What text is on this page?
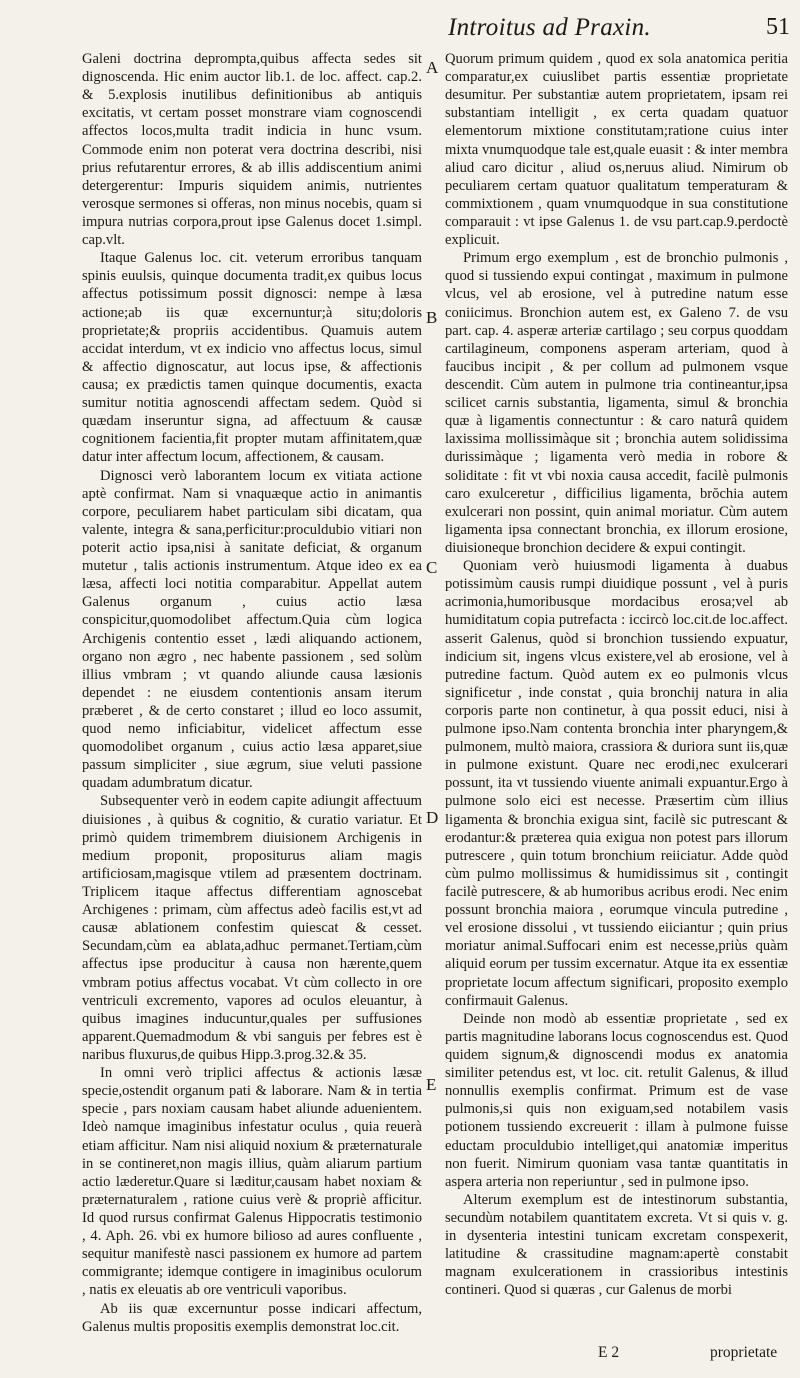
Introitus ad Praxin.	51

Galeni doctrina deprompta,quibus affecta sedes sit dignoscenda. Hic enim auctor lib.1. de loc. affect. cap.2. & 5.explosis inutilibus definitionibus ab antiquis excitatis, vt certam posset monstrare viam cognoscendi affectos locos,multa tradit indicia in hunc vsum. Commode enim non poterat vera doctrina describi, nisi prius refutarentur errores, & ab illis addiscentium animi detergerentur: Impuris siquidem animis, nutrientes verosque sermones si offeras, non minus nocebis, quam si impura nutrias corpora,prout ipse Galenus docet 1.simpl. cap.vlt.

Itaque Galenus loc. cit. veterum erroribus tanquam spinis euulsis, quinque documenta tradit,ex quibus locus affectus potissimum possit dignosci: nempe à læsa actione;ab iis quæ excernuntur;à situ;doloris proprietate;& propriis accidentibus. Quamuis autem accidat interdum, vt ex indicio vno affectus locus, simul & affectio dignoscatur, aut locus ipse, & affectionis causa; ex prædictis tamen quinque documentis, exacta sumitur notitia agnoscendi affectam sedem. Quòd si quædam inseruntur signa, ad affectuum & causæ cognitionem facientia,fit propter mutam affinitatem,quæ datur inter affectum locum, affectionem, & causam.

Dignosci verò laborantem locum ex vitiata actione aptè confirmat. Nam si vnaquæque actio in animantis corpore, peculiarem habet particulam sibi dicatam, qua valente, integra & sana,perficitur:proculdubio vitiari non poterit actio ipsa,nisi à sanitate deficiat, & organum mutetur , talis actionis instrumentum. Atque ideo ex ea læsa, affecti loci notitia comparabitur. Appellat autem Galenus organum , cuius actio læsa conspicitur,quomodolibet affectum.Quia cùm logica Archigenis contentio esset , lædi aliquando actionem, organo non ægro , nec habente passionem , sed solùm illius vmbram ; vt quando aliunde causa læsionis dependet : ne eiusdem contentionis ansam iterum præberet , & de certo constaret ; illud eo loco assumit, quod nemo inficiabitur, videlicet affectum esse quomodolibet organum , cuius actio læsa apparet,siue passum simpliciter , siue ægrum, siue veluti passione quadam adumbratum dicatur.

Subsequenter verò in eodem capite adiungit affectuum diuisiones , à quibus & cognitio, & curatio variatur. Et primò quidem trimembrem diuisionem Archigenis in medium proponit, propositurus aliam magis artificiosam,magisque vtilem ad præsentem doctrinam. Triplicem itaque affectus differentiam agnoscebat Archigenes : primam, cùm affectus adeò facilis est,vt ad causæ ablationem confestim quiescat & cesset. Secundam,cùm ea ablata,adhuc permanet.Tertiam,cùm affectus ipse producitur à causa non hærente,quem vmbram potius affectus vocabat. Vt cùm collecto in ore ventriculi excremento, vapores ad oculos eleuantur, à quibus imagines inducuntur,quales per suffusiones apparent.Quemadmodum & vbi sanguis per febres est è naribus fluxurus,de quibus Hipp.3.prog.32.& 35.

In omni verò triplici affectus & actionis læsæ specie,ostendit organum pati & laborare. Nam & in tertia specie , pars noxiam causam habet aliunde aduenientem. Ideò namque imaginibus infestatur oculus , quia reuerà etiam afficitur. Nam nisi aliquid noxium & præternaturale in se contineret,non magis illius, quàm aliarum partium actio læderetur.Quare si læditur,causam habet noxiam & præternaturalem , ratione cuius verè & propriè afficitur. Id quod rursus confirmat Galenus Hippocratis testimonio , 4. Aph. 26. vbi ex humore bilioso ad aures confluente , sequitur manifestè nasci passionem ex humore ad partem commigrante; idemque contigere in imaginibus oculorum , natis ex eleuatis ab ore ventriculi vaporibus.

Ab iis quæ excernuntur posse indicari affectum, Galenus multis propositis exemplis demonstrat loc.cit.

A
B
C
D
E

Quorum primum quidem , quod ex sola anatomica peritia comparatur,ex cuiuslibet partis essentiæ proprietate desumitur. Per substantiæ autem proprietatem, ipsam rei substantiam intelligit , ex certa quadam quatuor elementorum mixtione constitutam;ratione cuius inter mixta vnumquodque tale est,quale euasit : & inter membra aliud caro dicitur , aliud os,neruus aliud. Nimirum ob peculiarem certam quatuor qualitatum temperaturam & commixtionem , quam vnumquodque in sua constitutione comparauit : vt ipse Galenus 1. de vsu part.cap.9.perdoctè explicuit.

Primum ergo exemplum , est de bronchio pulmonis , quod si tussiendo expui contingat , maximum in pulmone vlcus, vel ab erosione, vel à putredine natum esse coniicimus. Bronchion autem est, ex Galeno 7. de vsu part. cap. 4. asperæ arteriæ cartilago ; seu corpus quoddam cartilagineum, componens asperam arteriam, quod à faucibus incipit , & per collum ad pulmonem vsque descendit. Cùm autem in pulmone tria contineantur,ipsa scilicet carnis substantia, ligamenta, simul & bronchia quæ à ligamentis connectuntur : & caro naturâ quidem laxissima mollissimàque sit ; bronchia autem solidissima durissimàque ; ligamenta verò media in robore & soliditate : fit vt vbi noxia causa accedit, facilè pulmonis caro exulceretur , difficilius ligamenta, brŏchia autem exulcerari non possint, quin animal moriatur. Cùm autem ligamenta ipsa connectant bronchia, ex illorum erosione, diuisioneque bronchion decidere & expui contingit.

Quoniam verò huiusmodi ligamenta à duabus potissimùm causis rumpi diuidique possunt , vel à puris acrimonia,humoribusque mordacibus erosa;vel ab humiditatum copia putrefacta : iccircò loc.cit.de loc.affect. asserit Galenus, quòd si bronchion tussiendo expuatur, indicium sit, ingens vlcus existere,vel ab erosione, vel à putredine factum. Quòd autem ex eo pulmonis vlcus significetur , inde constat , quia bronchij natura in alia corporis parte non continetur, à qua possit educi, nisi à pulmone ipso.Nam contenta bronchia inter pharyngem,& pulmonem, multò maiora, crassiora & duriora sunt iis,quæ in pulmone existunt. Quare nec erodi,nec exulcerari possunt, ita vt tussiendo viuente animali expuantur.Ergo à pulmone solo eici est necesse. Præsertim cùm illius ligamenta & bronchia exigua sint, facilè sic putrescant & erodantur:& præterea quia exigua non potest pars illorum putrescere , quin totum bronchium reiiciatur. Adde quòd cùm pulmo mollissimus & humidissimus sit , contingit facilè putrescere, & ab humoribus acribus erodi. Nec enim possunt bronchia maiora , eorumque vincula putredine , vel erosione dissolui , vt tussiendo eiiciantur ; quin prius moriatur animal.Suffocari enim est necesse,priùs quàm aliquid eorum per tussim excernatur. Atque ita ex essentiæ proprietate locum affectum significari, proposito exemplo confirmauit Galenus.

Deinde non modò ab essentiæ proprietate , sed ex partis magnitudine laborans locus cognoscendus est. Quod quidem signum,& dignoscendi modus ex anatomia similiter petendus est, vt loc. cit. retulit Galenus, & illud nonnullis exemplis confirmat. Primum est de vase pulmonis,si quis non exiguam,sed notabilem vasis potionem tussiendo excreuerit : illam à pulmone fuisse eductam proculdubio intelliget,qui anatomiæ imperitus non fuerit. Nimirum quoniam vasa tantæ quantitatis in aspera arteria non reperiuntur , sed in pulmone ipso.

Alterum exemplum est de intestinorum substantia, secundùm notabilem quantitatem excreta. Vt si quis v. g. in dysenteria intestini tunicam excretam conspexerit, latitudine & crassitudine magnam:apertè constabit magnam exulcerationem in crassioribus intestinis contineri. Quod si quæras , cur Galenus de morbi

E 2	proprietate
